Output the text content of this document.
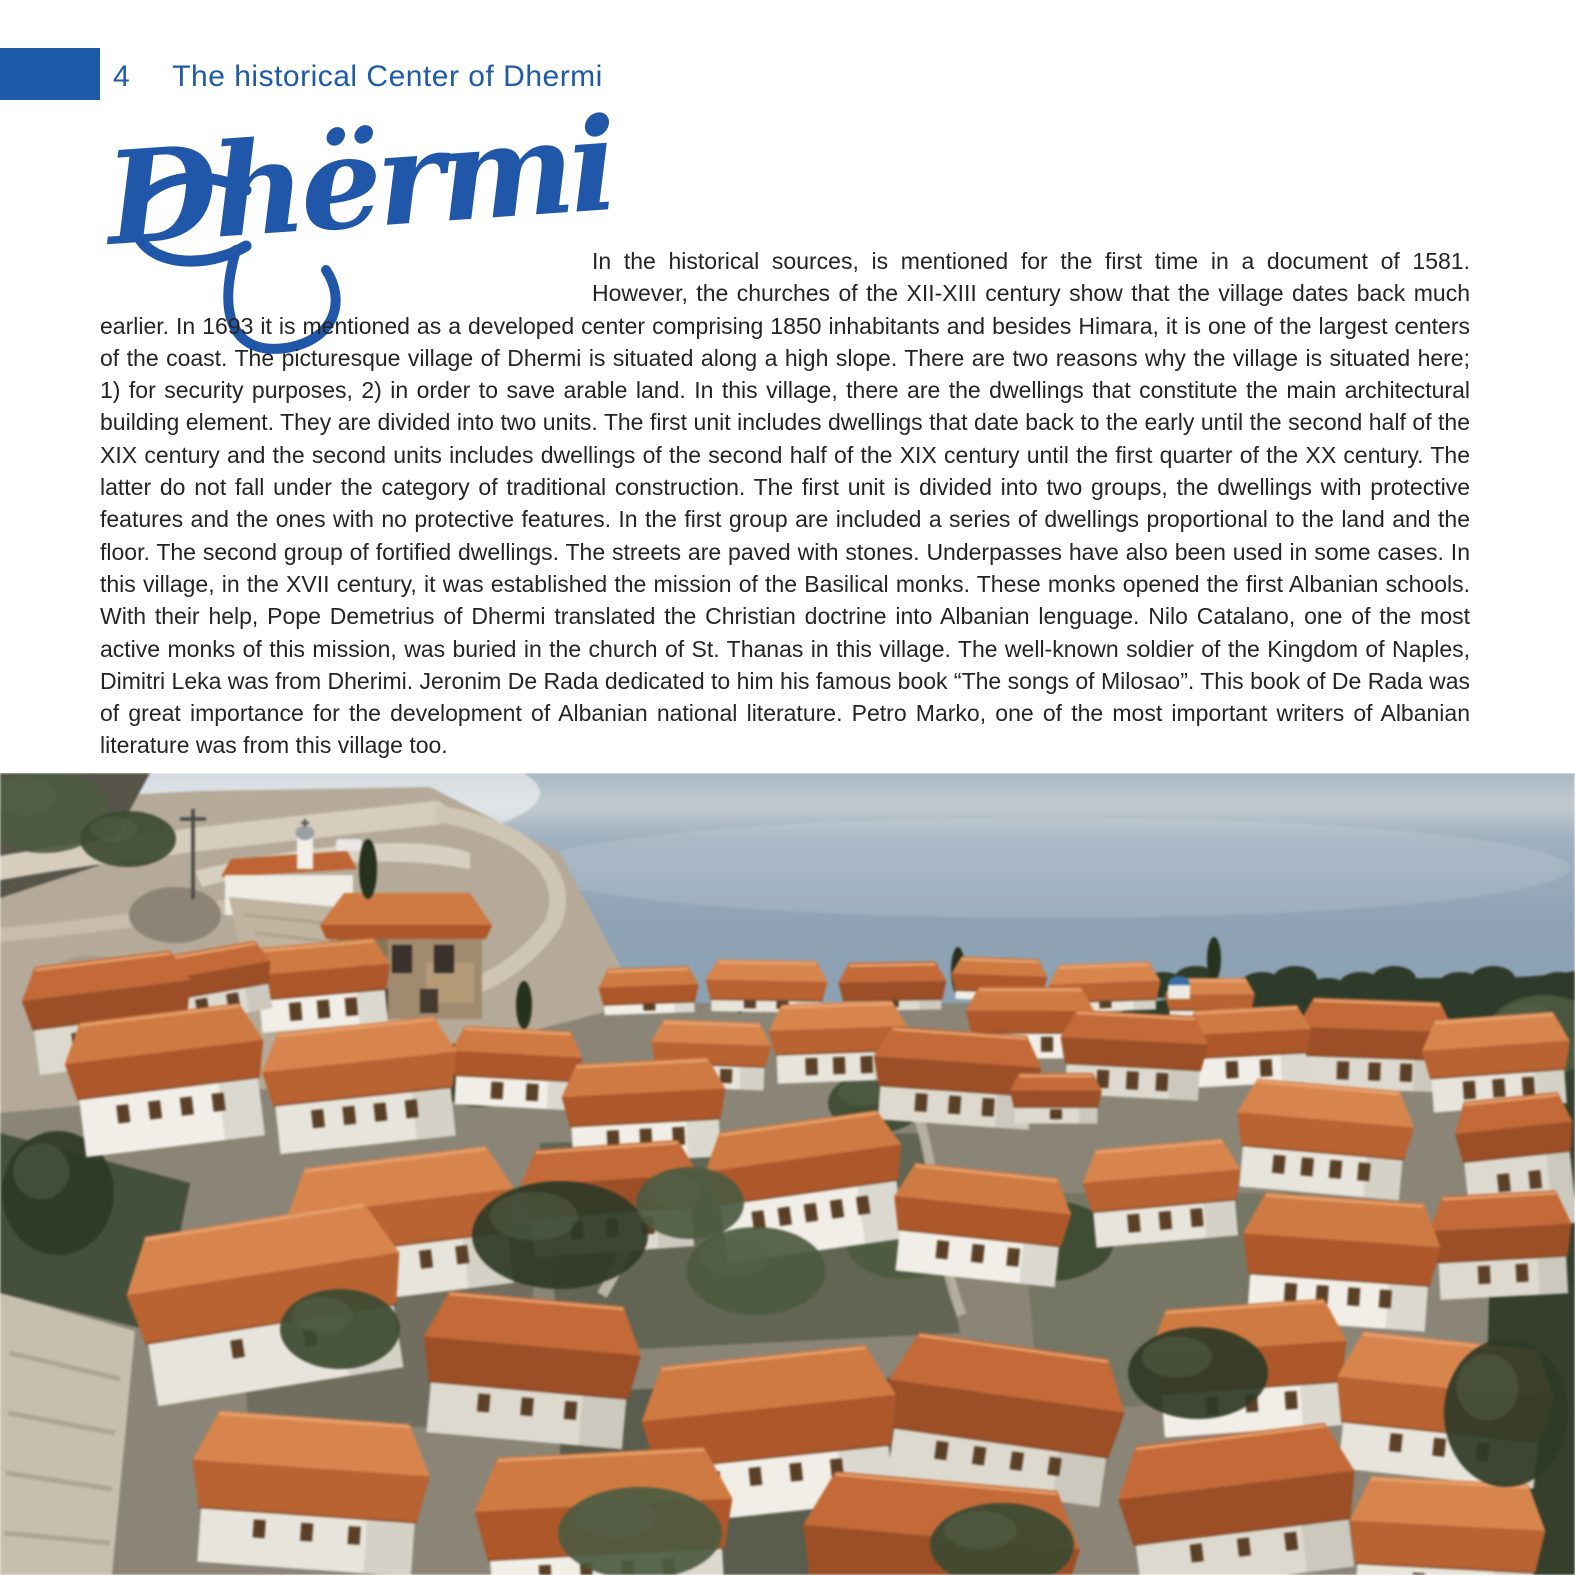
4 The historical Center of Dhermi
Dhërmi

In the historical sources, is mentioned for the first time in a document of 1581. However, the churches of the XII-XIII century show that the village dates back much earlier. In 1693 it is mentioned as a developed center comprising 1850 inhabitants and besides Himara, it is one of the largest centers of the coast. The picturesque village of Dhermi is situated along a high slope. There are two reasons why the village is situated here; 1) for security purposes, 2) in order to save arable land. In this village, there are the dwellings that constitute the main architectural building element. They are divided into two units. The first unit includes dwellings that date back to the early until the second half of the XIX century and the second units includes dwellings of the second half of the XIX century until the first quarter of the XX century. The latter do not fall under the category of traditional construction. The first unit is divided into two groups, the dwellings with protective features and the ones with no protective features. In the first group are included a series of dwellings proportional to the land and the floor. The second group of fortified dwellings. The streets are paved with stones. Underpasses have also been used in some cases. In this village, in the XVII century, it was established the mission of the Basilical monks. These monks opened the first Albanian schools. With their help, Pope Demetrius of Dhermi translated the Christian doctrine into Albanian lenguage. Nilo Catalano, one of the most active monks of this mission, was buried in the church of St. Thanas in this village. The well-known soldier of the Kingdom of Naples, Dimitri Leka was from Dherimi. Jeronim De Rada dedicated to him his famous book “The songs of Milosao”. This book of De Rada was of great importance for the development of Albanian national literature. Petro Marko, one of the most important writers of Albanian literature was from this village too.
